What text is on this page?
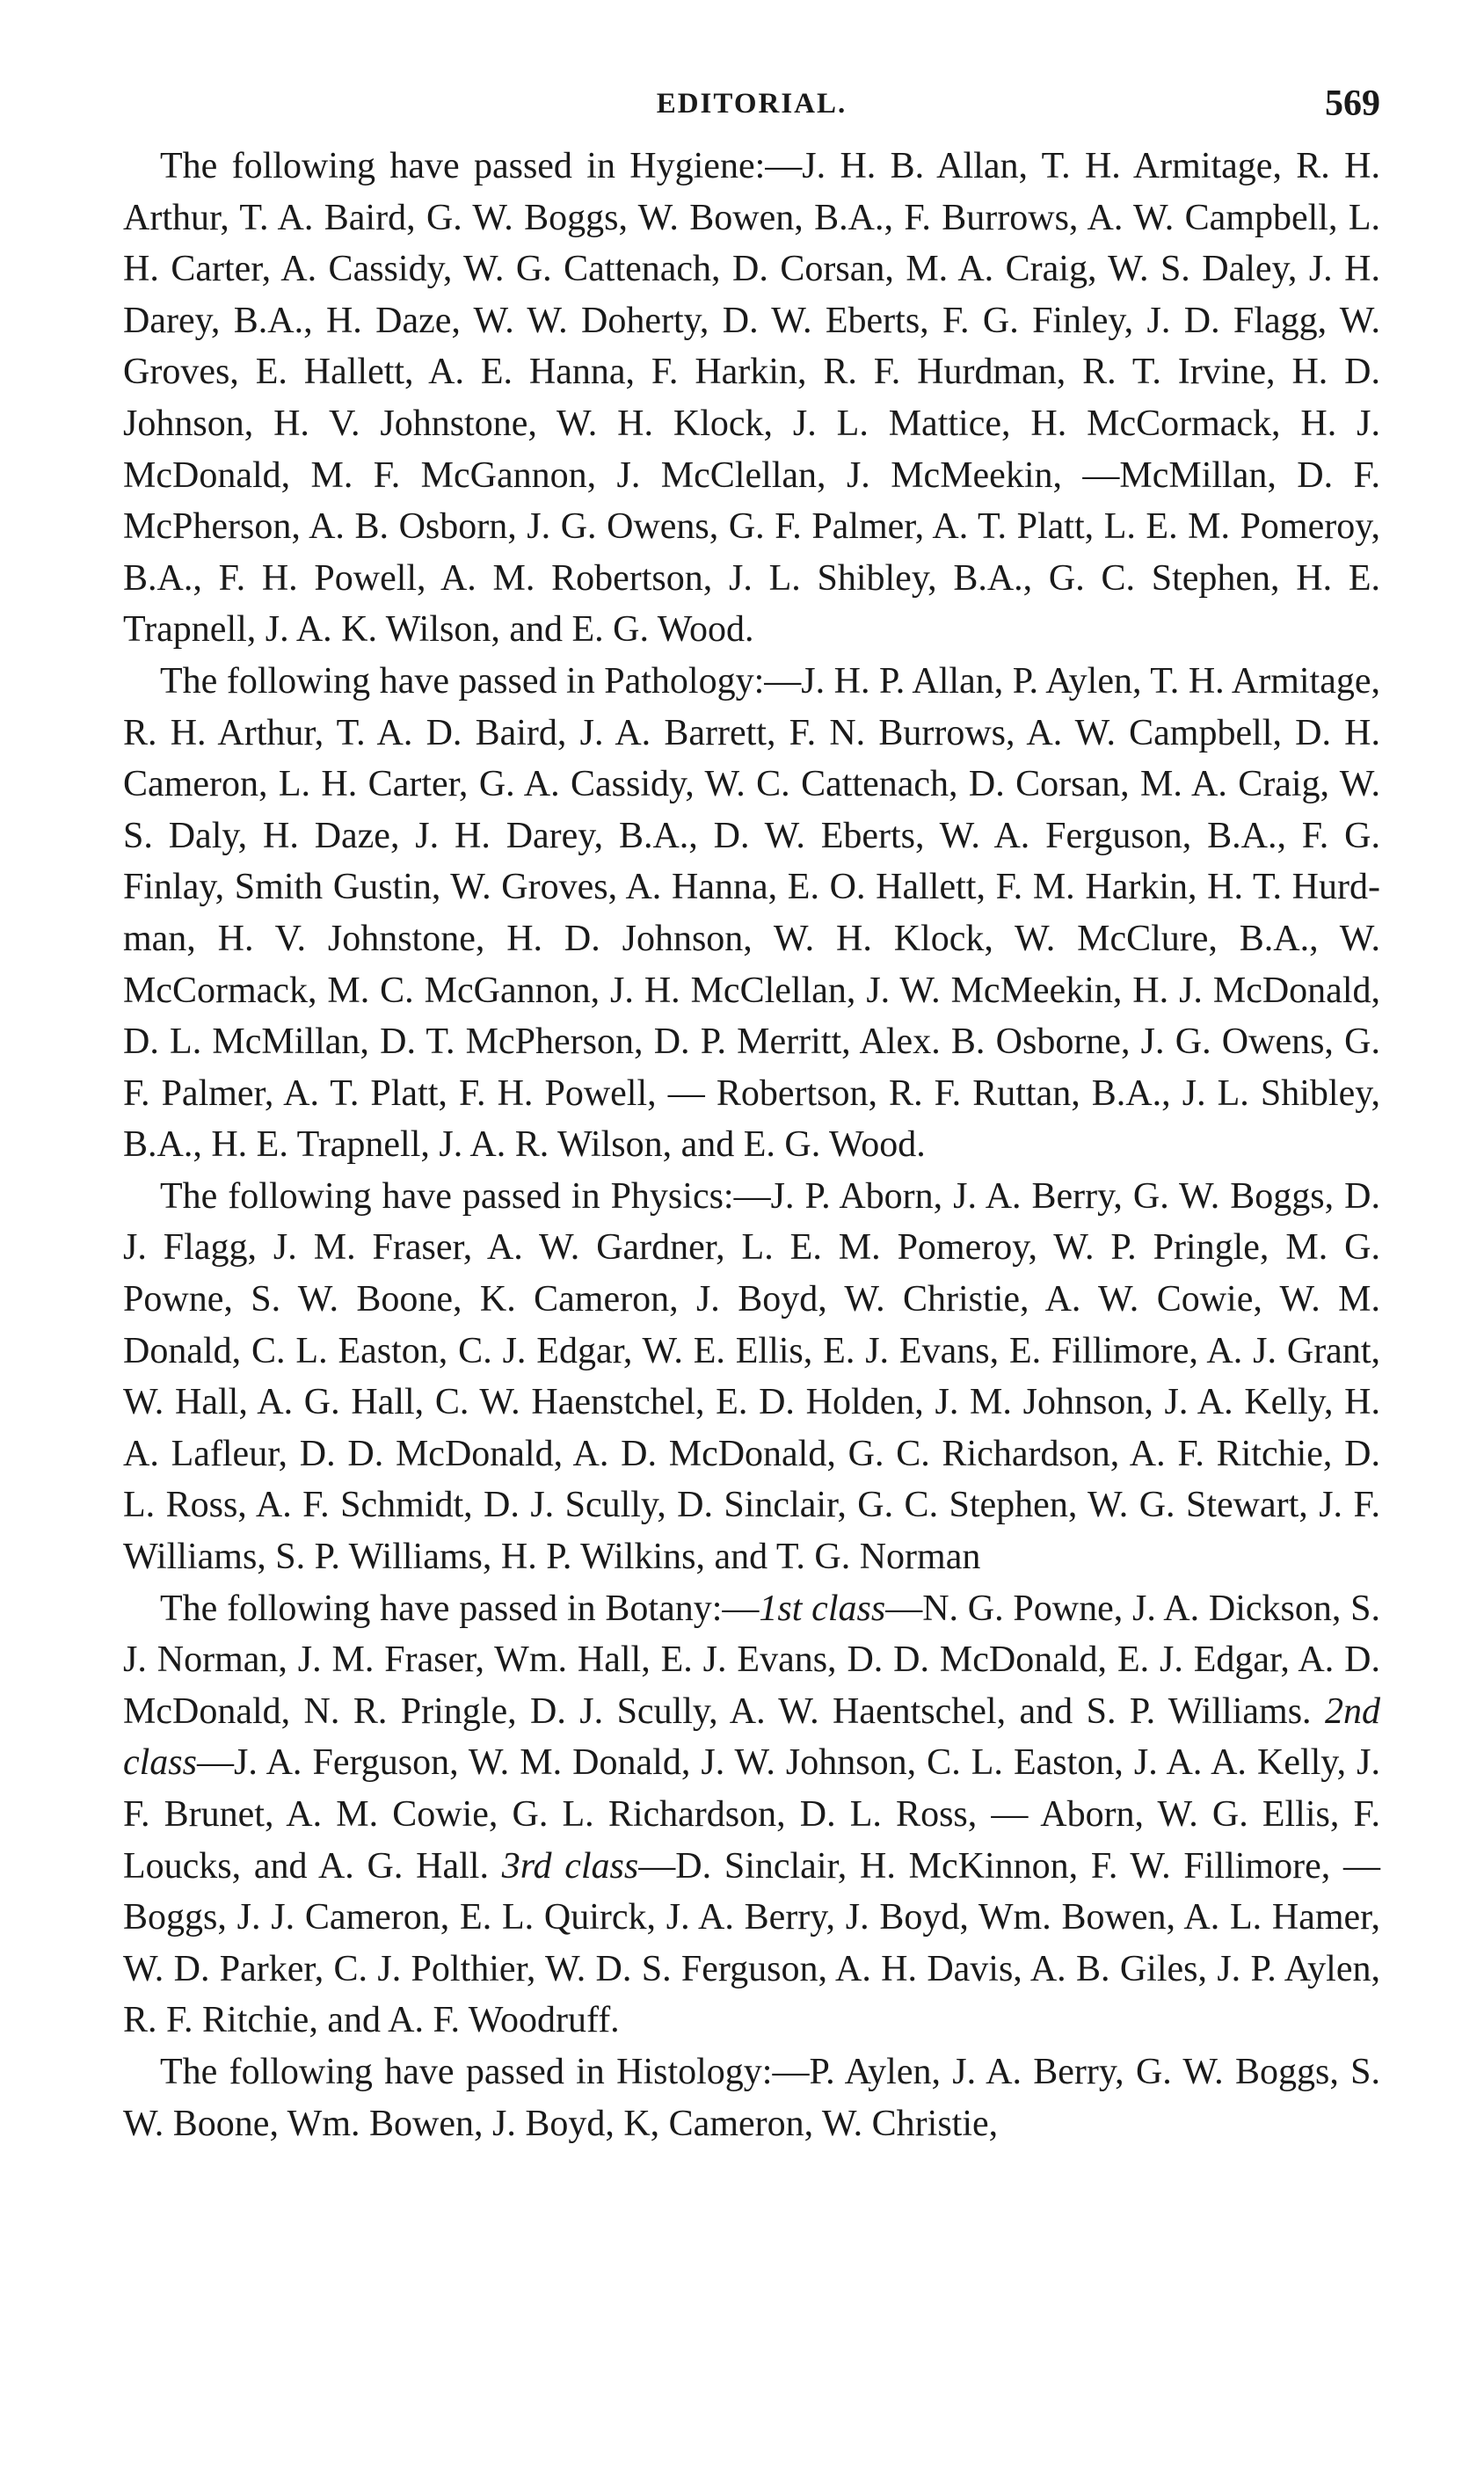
EDITORIAL.	569

The following have passed in Hygiene:—J. H. B. Allan, T. H. Armitage, R. H. Arthur, T. A. Baird, G. W. Boggs, W. Bowen, B.A., F. Burrows, A. W. Campbell, L. H. Carter, A. Cassidy, W. G. Cattenach, D. Corsan, M. A. Craig, W. S. Daley, J. H. Darey, B.A., H. Daze, W. W. Doherty, D. W. Eberts, F. G. Finley, J. D. Flagg, W. Groves, E. Hallett, A. E. Hanna, F. Harkin, R. F. Hurdman, R. T. Irvine, H. D. Johnson, H. V. Johnstone, W. H. Klock, J. L. Mattice, H. McCormack, H. J. McDonald, M. F. McGannon, J. McClellan, J. McMeekin, —McMillan, D. F. McPherson, A. B. Osborn, J. G. Owens, G. F. Palmer, A. T. Platt, L. E. M. Pomeroy, B.A., F. H. Powell, A. M. Robertson, J. L. Shibley, B.A., G. C. Stephen, H. E. Trapnell, J. A. K. Wilson, and E. G. Wood.

The following have passed in Pathology:—J. H. P. Allan, P. Aylen, T. H. Armitage, R. H. Arthur, T. A. D. Baird, J. A. Barrett, F. N. Burrows, A. W. Campbell, D. H. Cameron, L. H. Carter, G. A. Cassidy, W. C. Cattenach, D. Corsan, M. A. Craig, W. S. Daly, H. Daze, J. H. Darey, B.A., D. W. Eberts, W. A. Ferguson, B.A., F. G. Finlay, Smith Gustin, W. Groves, A. Hanna, E. O. Hallett, F. M. Harkin, H. T. Hurdman, H. V. Johnstone, H. D. Johnson, W. H. Klock, W. McClure, B.A., W. McCormack, M. C. McGannon, J. H. McClellan, J. W. McMeekin, H. J. McDonald, D. L. McMillan, D. T. McPherson, D. P. Merritt, Alex. B. Osborne, J. G. Owens, G. F. Palmer, A. T. Platt, F. H. Powell, — Robertson, R. F. Ruttan, B.A., J. L. Shibley, B.A., H. E. Trapnell, J. A. R. Wilson, and E. G. Wood.

The following have passed in Physics:—J. P. Aborn, J. A. Berry, G. W. Boggs, D. J. Flagg, J. M. Fraser, A. W. Gardner, L. E. M. Pomeroy, W. P. Pringle, M. G. Powne, S. W. Boone, K. Cameron, J. Boyd, W. Christie, A. W. Cowie, W. M. Donald, C. L. Easton, C. J. Edgar, W. E. Ellis, E. J. Evans, E. Fillimore, A. J. Grant, W. Hall, A. G. Hall, C. W. Haenstchel, E. D. Holden, J. M. Johnson, J. A. Kelly, H. A. Lafleur, D. D. McDonald, A. D. McDonald, G. C. Richardson, A. F. Ritchie, D. L. Ross, A. F. Schmidt, D. J. Scully, D. Sinclair, G. C. Stephen, W. G. Stewart, J. F. Williams, S. P. Williams, H. P. Wilkins, and T. G. Norman

The following have passed in Botany:—1st class—N. G. Powne, J. A. Dickson, S. J. Norman, J. M. Fraser, Wm. Hall, E. J. Evans, D. D. McDonald, E. J. Edgar, A. D. McDonald, N. R. Pringle, D. J. Scully, A. W. Haentschel, and S. P. Williams. 2nd class—J. A. Ferguson, W. M. Donald, J. W. Johnson, C. L. Easton, J. A. A. Kelly, J. F. Brunet, A. M. Cowie, G. L. Richardson, D. L. Ross, — Aborn, W. G. Ellis, F. Loucks, and A. G. Hall. 3rd class—D. Sinclair, H. McKinnon, F. W. Fillimore, — Boggs, J. J. Cameron, E. L. Quirck, J. A. Berry, J. Boyd, Wm. Bowen, A. L. Hamer, W. D. Parker, C. J. Polthier, W. D. S. Ferguson, A. H. Davis, A. B. Giles, J. P. Aylen, R. F. Ritchie, and A. F. Woodruff.

The following have passed in Histology:—P. Aylen, J. A. Berry, G. W. Boggs, S. W. Boone, Wm. Bowen, J. Boyd, K, Cameron, W. Christie,
